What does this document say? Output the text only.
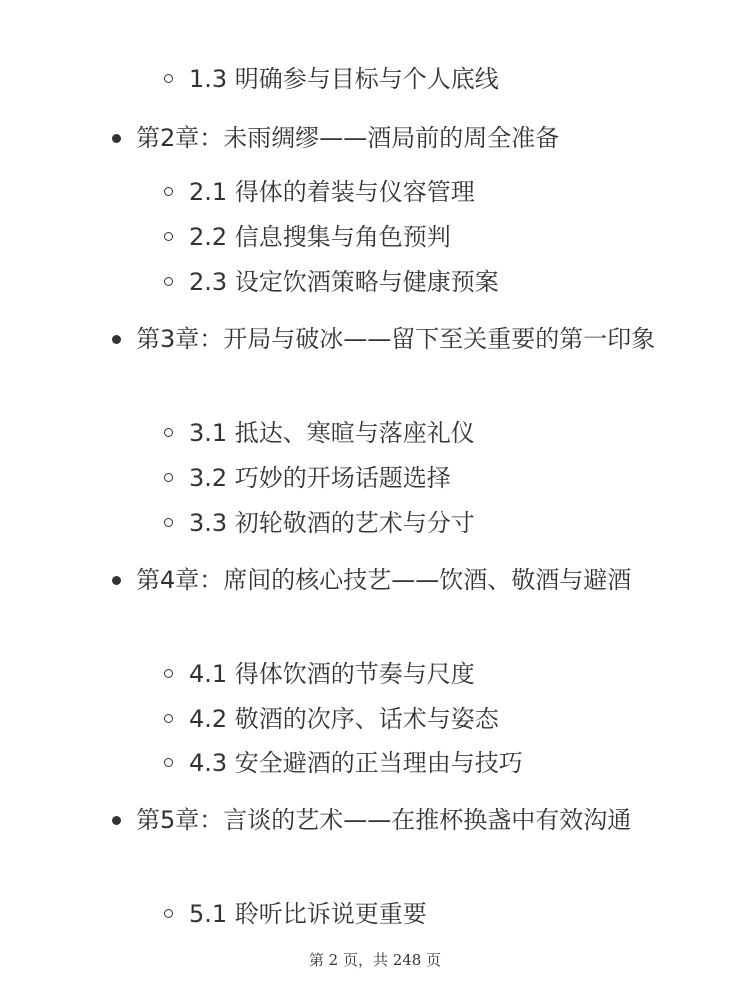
1.3 明确参与目标与个人底线
第2章：未雨绸缪——酒局前的周全准备
2.1 得体的着装与仪容管理
2.2 信息搜集与角色预判
2.3 设定饮酒策略与健康预案
第3章：开局与破冰——留下至关重要的第一印象
3.1 抵达、寒暄与落座礼仪
3.2 巧妙的开场话题选择
3.3 初轮敬酒的艺术与分寸
第4章：席间的核心技艺——饮酒、敬酒与避酒
4.1 得体饮酒的节奏与尺度
4.2 敬酒的次序、话术与姿态
4.3 安全避酒的正当理由与技巧
第5章：言谈的艺术——在推杯换盏中有效沟通
5.1 聆听比诉说更重要
第 2 页，共 248 页
